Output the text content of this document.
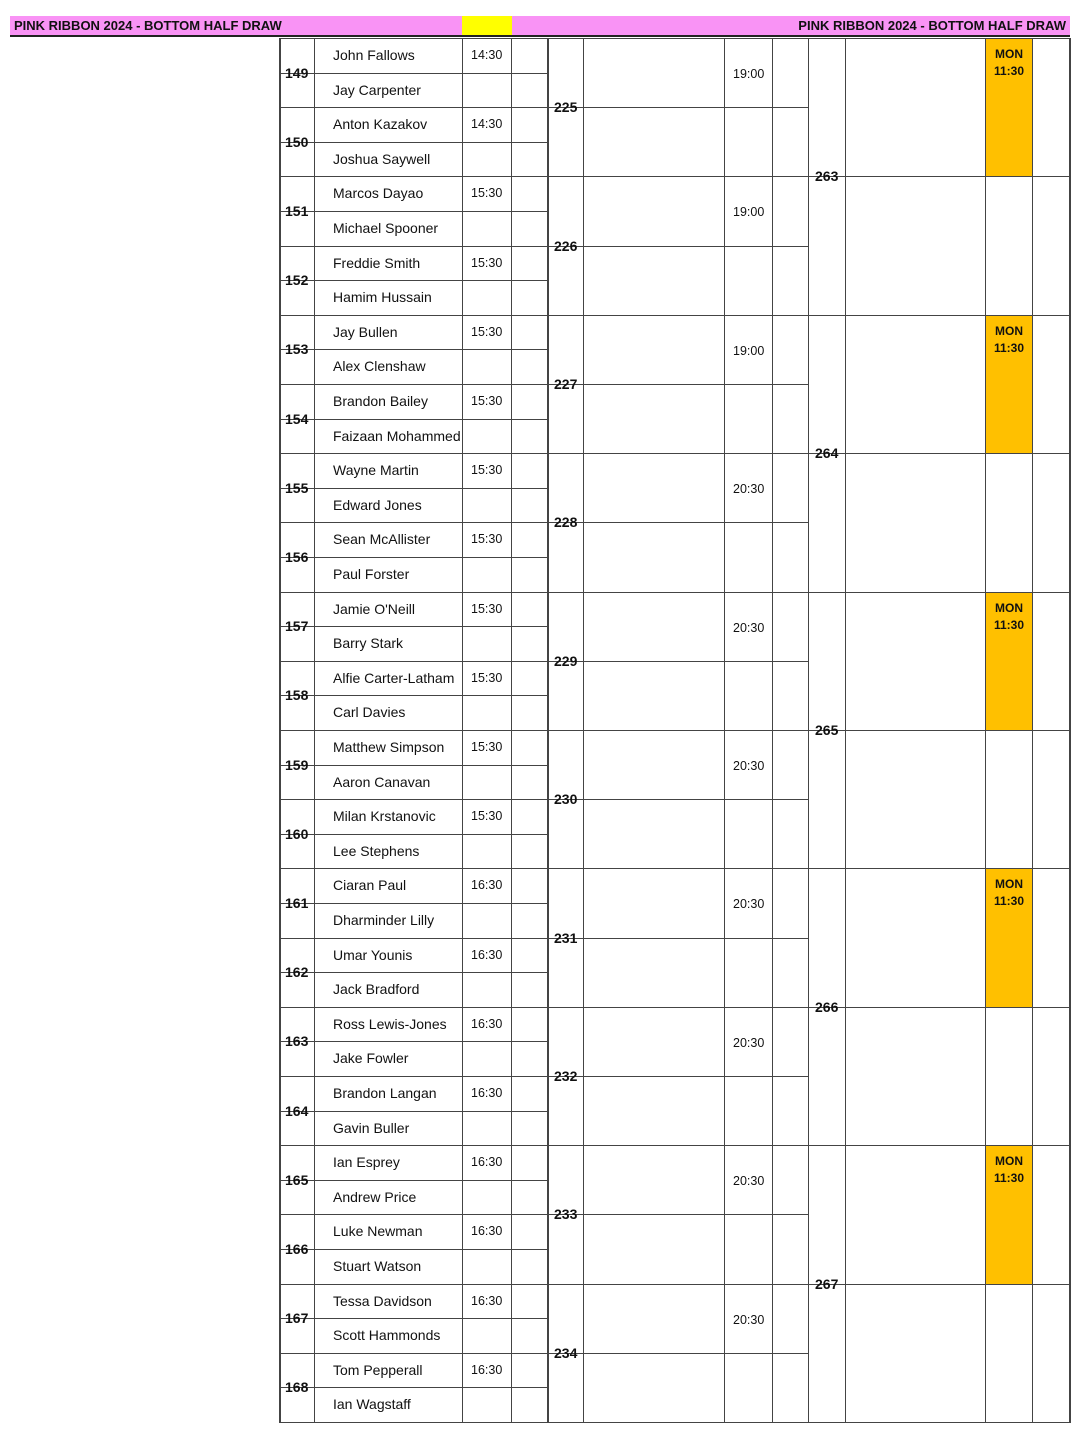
PINK RIBBON 2024 - BOTTOM HALF DRAW	PINK RIBBON 2024 - BOTTOM HALF DRAW
John Fallows
Jay Carpenter
149
14:30
Anton Kazakov
Joshua Saywell
150
14:30
Marcos Dayao
Michael Spooner
151
15:30
Freddie Smith
Hamim Hussain
152
15:30
Jay Bullen
Alex Clenshaw
153
15:30
Brandon Bailey
Faizaan Mohammed
154
15:30
Wayne Martin
Edward Jones
155
15:30
Sean McAllister
Paul Forster
156
15:30
Jamie O'Neill
Barry Stark
157
15:30
Alfie Carter-Latham
Carl Davies
158
15:30
Matthew Simpson
Aaron Canavan
159
15:30
Milan Krstanovic
Lee Stephens
160
15:30
Ciaran Paul
Dharminder Lilly
161
16:30
Umar Younis
Jack Bradford
162
16:30
Ross Lewis-Jones
Jake Fowler
163
16:30
Brandon Langan
Gavin Buller
164
16:30
Ian Esprey
Andrew Price
165
16:30
Luke Newman
Stuart Watson
166
16:30
Tessa Davidson
Scott Hammonds
167
16:30
Tom Pepperall
Ian Wagstaff
168
16:30
225
19:00
226
19:00
227
19:00
228
20:30
229
20:30
230
20:30
231
20:30
232
20:30
233
20:30
234
20:30
MON
11:30
263
MON
11:30
264
MON
11:30
265
MON
11:30
266
MON
11:30
267
